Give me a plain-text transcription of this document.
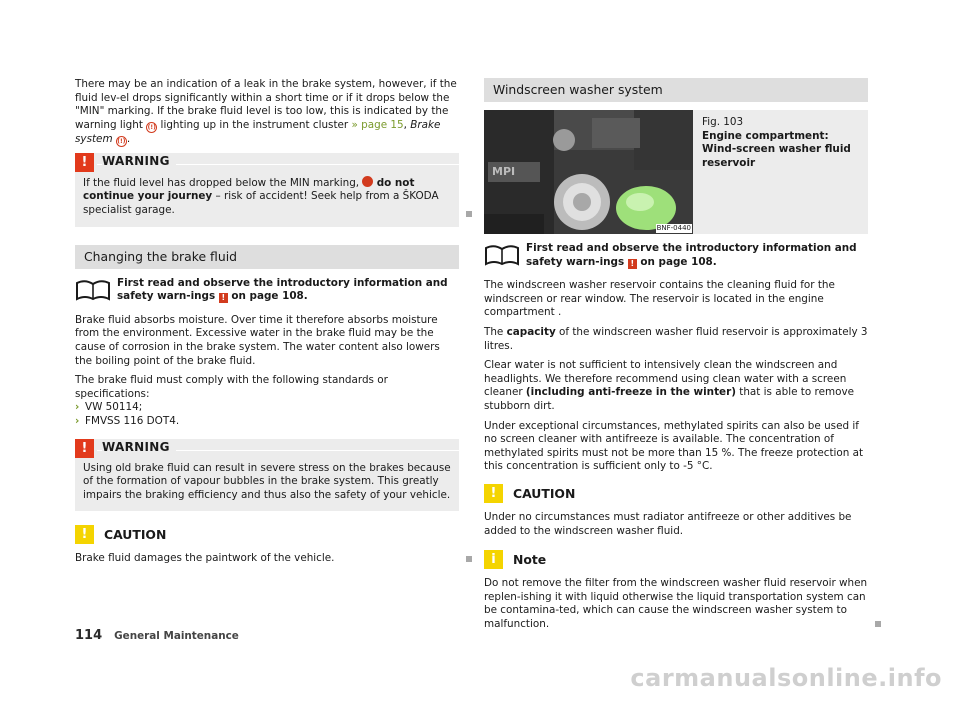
There may be an indication of a leak in the brake system, however, if the fluid lev-el drops significantly within a short time or if it drops below the "MIN" marking. If the brake fluid level is too low, this is indicated by the warning light (!) lighting up in the instrument cluster » page 15, Brake system (!).

!	WARNING
If the fluid level has dropped below the MIN marking,  do not continue your journey – risk of accident! Seek help from a ŠKODA specialist garage.
Changing the brake fluid
First read and observe the introductory information and safety warn-ings ! on page 108.

Brake fluid absorbs moisture. Over time it therefore absorbs moisture from the environment. Excessive water in the brake fluid may be the cause of corrosion in the brake system. The water content also lowers the boiling point of the brake fluid.

The brake fluid must comply with the following standards or specifications:

› VW 50114;
› FMVSS 116 DOT4.
!	WARNING
Using old brake fluid can result in severe stress on the brakes because of the formation of vapour bubbles in the brake system. This greatly impairs the braking efficiency and thus also the safety of your vehicle.
!	CAUTION

Brake fluid damages the paintwork of the vehicle.

Windscreen washer system
MPI
BNF-0440
Fig. 103
Engine compartment: Wind-screen washer fluid reservoir
First read and observe the introductory information and safety warn-ings ! on page 108.

The windscreen washer reservoir contains the cleaning fluid for the windscreen or rear window. The reservoir is located in the engine compartment .

The capacity of the windscreen washer fluid reservoir is approximately 3 litres.

Clear water is not sufficient to intensively clean the windscreen and headlights. We therefore recommend using clean water with a screen cleaner (including anti-freeze in the winter) that is able to remove stubborn dirt.

Under exceptional circumstances, methylated spirits can also be used if no screen cleaner with antifreeze is available. The concentration of methylated spirits must not be more than 15 %. The freeze protection at this concentration is sufficient only to -5 °C.

!	CAUTION

Under no circumstances must radiator antifreeze or other additives be added to the windscreen washer fluid.

i	Note

Do not remove the filter from the windscreen washer fluid reservoir when replen-ishing it with liquid otherwise the liquid transportation system can be contamina-ted, which can cause the windscreen washer system to malfunction.

114 General Maintenance
carmanualsonline.info
